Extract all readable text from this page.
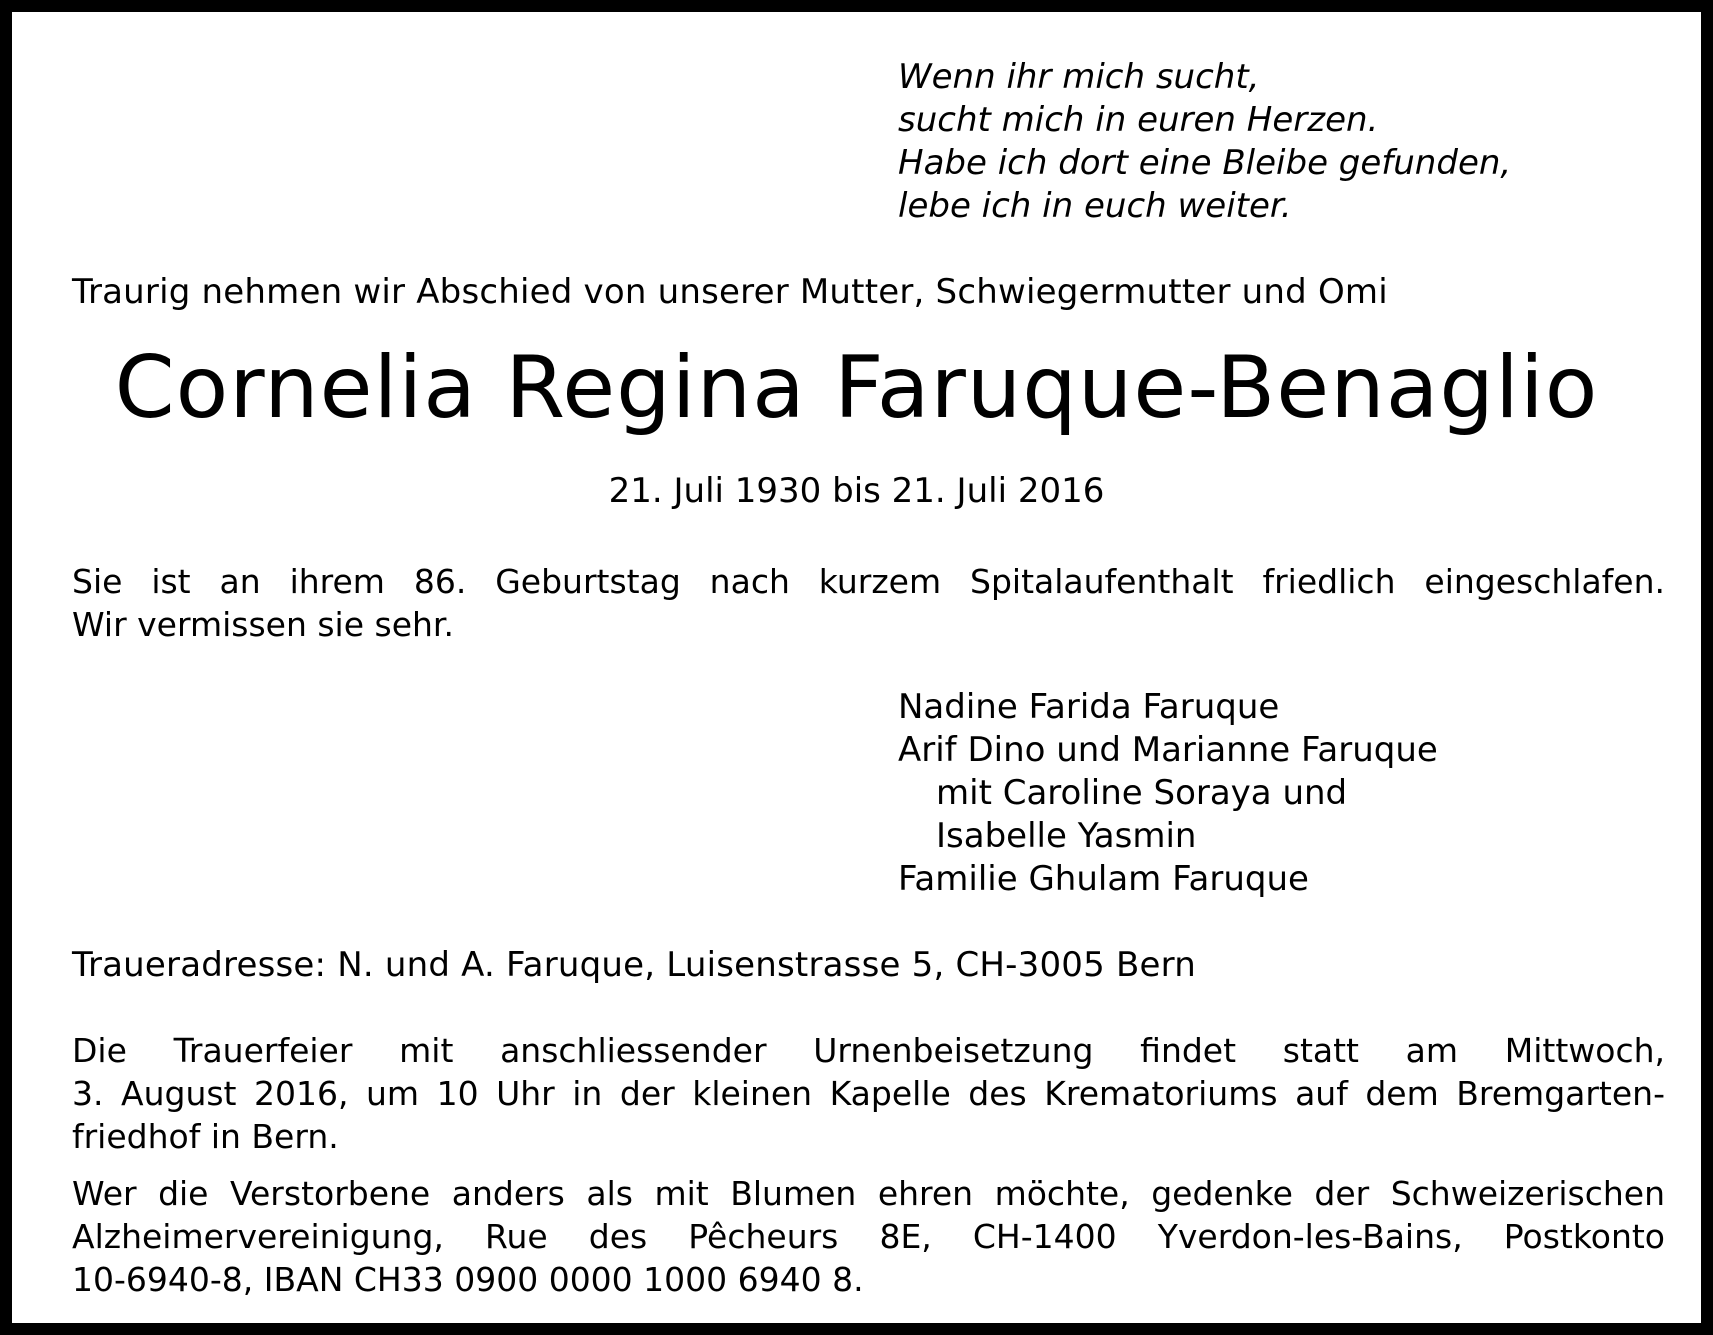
Wenn ihr mich sucht,
sucht mich in euren Herzen.
Habe ich dort eine Bleibe gefunden,
lebe ich in euch weiter.
Traurig nehmen wir Abschied von unserer Mutter, Schwiegermutter und Omi
Cornelia Regina Faruque-Benaglio
21. Juli 1930 bis 21. Juli 2016
Sie ist an ihrem 86. Geburtstag nach kurzem Spitalaufenthalt friedlich eingeschlafen.
Wir vermissen sie sehr.
Nadine Farida Faruque
Arif Dino und Marianne Faruque
mit Caroline Soraya und
Isabelle Yasmin
Familie Ghulam Faruque
Traueradresse: N. und A. Faruque, Luisenstrasse 5, CH-3005 Bern
Die Trauerfeier mit anschliessender Urnenbeisetzung findet statt am Mittwoch,
3. August 2016, um 10 Uhr in der kleinen Kapelle des Krematoriums auf dem Bremgarten-
friedhof in Bern.
Wer die Verstorbene anders als mit Blumen ehren möchte, gedenke der Schweizerischen
Alzheimervereinigung, Rue des Pêcheurs 8E, CH-1400 Yverdon-les-Bains, Postkonto
10-6940-8, IBAN CH33 0900 0000 1000 6940 8.
